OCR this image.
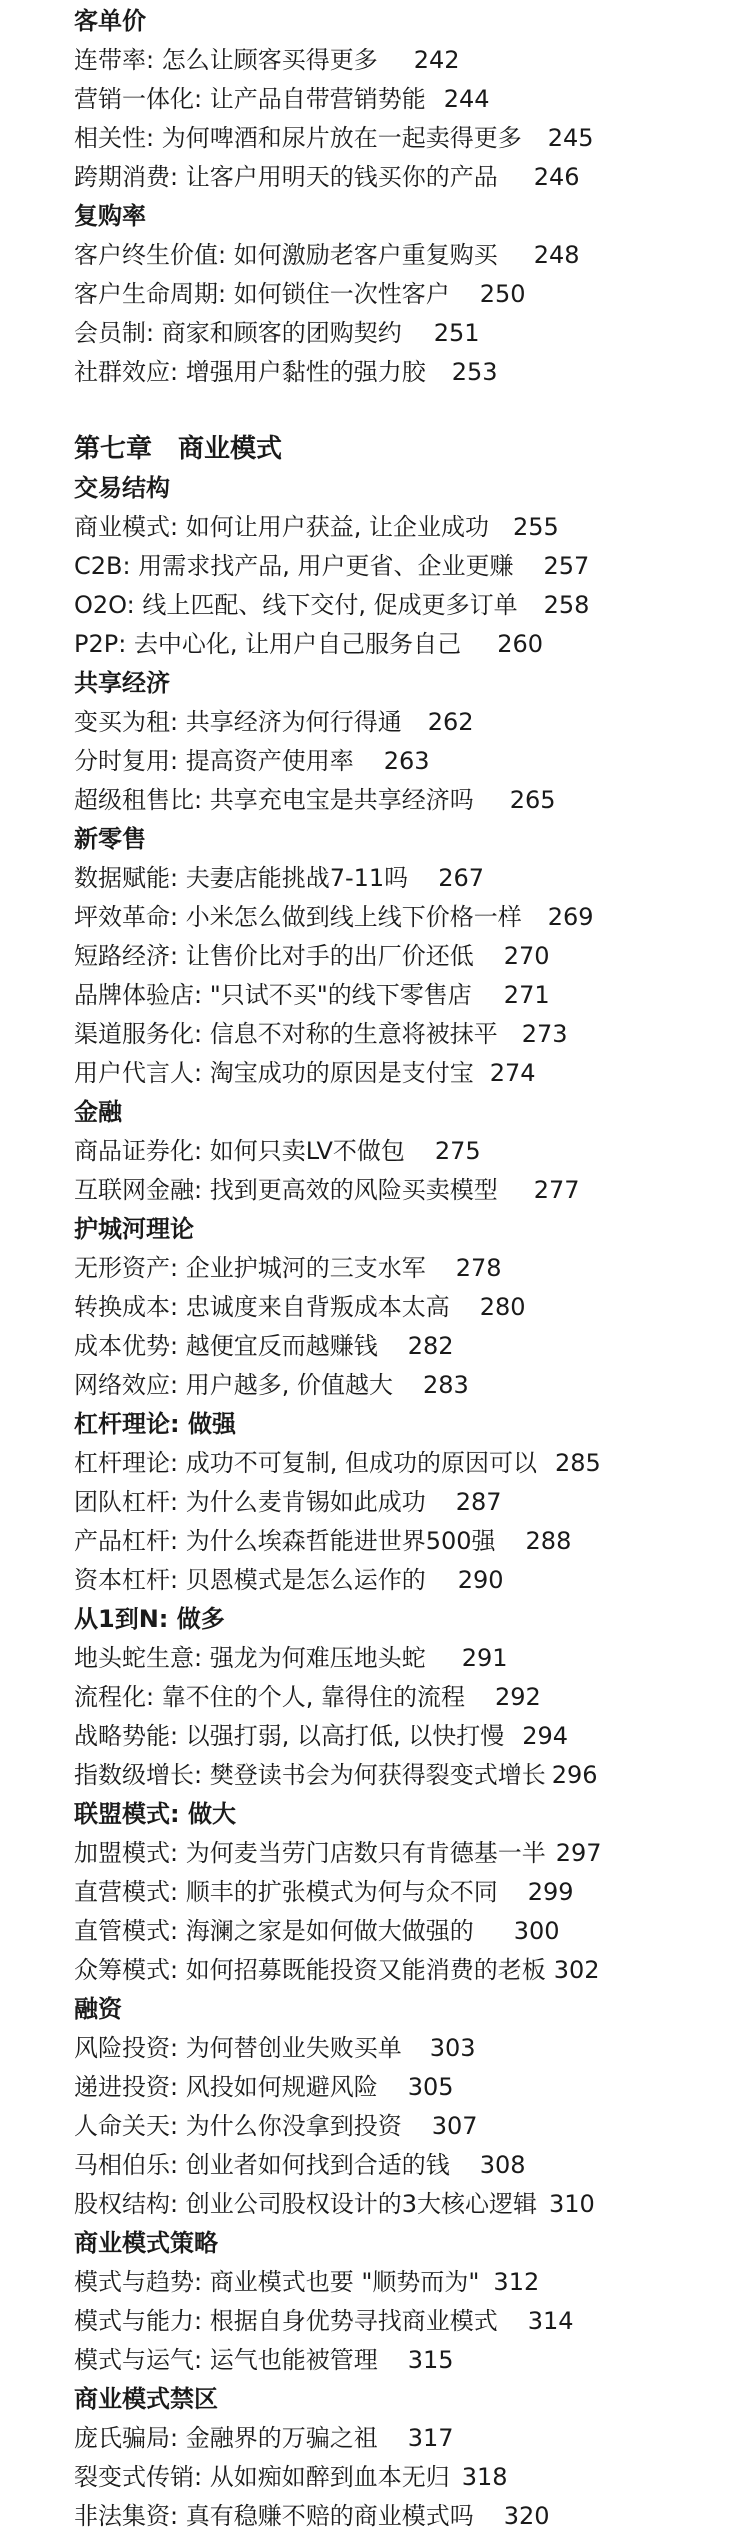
客单价
连带率: 怎么让顾客买得更多 242
营销一体化: 让产品自带营销势能 244
相关性: 为何啤酒和尿片放在一起卖得更多 245
跨期消费: 让客户用明天的钱买你的产品 246
复购率
客户终生价值: 如何激励老客户重复购买 248
客户生命周期: 如何锁住一次性客户 250
会员制: 商家和顾客的团购契约 251
社群效应: 增强用户黏性的强力胶 253
第七章　商业模式
交易结构
商业模式: 如何让用户获益, 让企业成功 255
C2B: 用需求找产品, 用户更省、企业更赚 257
O2O: 线上匹配、线下交付, 促成更多订单 258
P2P: 去中心化, 让用户自己服务自己 260
共享经济
变买为租: 共享经济为何行得通 262
分时复用: 提高资产使用率 263
超级租售比: 共享充电宝是共享经济吗 265
新零售
数据赋能: 夫妻店能挑战7-11吗 267
坪效革命: 小米怎么做到线上线下价格一样 269
短路经济: 让售价比对手的出厂价还低 270
品牌体验店: "只试不买"的线下零售店 271
渠道服务化: 信息不对称的生意将被抹平 273
用户代言人: 淘宝成功的原因是支付宝 274
金融
商品证券化: 如何只卖LV不做包 275
互联网金融: 找到更高效的风险买卖模型 277
护城河理论
无形资产: 企业护城河的三支水军 278
转换成本: 忠诚度来自背叛成本太高 280
成本优势: 越便宜反而越赚钱 282
网络效应: 用户越多, 价值越大 283
杠杆理论: 做强
杠杆理论: 成功不可复制, 但成功的原因可以 285
团队杠杆: 为什么麦肯锡如此成功 287
产品杠杆: 为什么埃森哲能进世界500强 288
资本杠杆: 贝恩模式是怎么运作的 290
从1到N: 做多
地头蛇生意: 强龙为何难压地头蛇 291
流程化: 靠不住的个人, 靠得住的流程 292
战略势能: 以强打弱, 以高打低, 以快打慢 294
指数级增长: 樊登读书会为何获得裂变式增长 296
联盟模式: 做大
加盟模式: 为何麦当劳门店数只有肯德基一半 297
直营模式: 顺丰的扩张模式为何与众不同 299
直管模式: 海澜之家是如何做大做强的 300
众筹模式: 如何招募既能投资又能消费的老板 302
融资
风险投资: 为何替创业失败买单 303
递进投资: 风投如何规避风险 305
人命关天: 为什么你没拿到投资 307
马相伯乐: 创业者如何找到合适的钱 308
股权结构: 创业公司股权设计的3大核心逻辑 310
商业模式策略
模式与趋势: 商业模式也要 "顺势而为" 312
模式与能力: 根据自身优势寻找商业模式 314
模式与运气: 运气也能被管理 315
商业模式禁区
庞氏骗局: 金融界的万骗之祖 317
裂变式传销: 从如痴如醉到血本无归 318
非法集资: 真有稳赚不赔的商业模式吗 320
